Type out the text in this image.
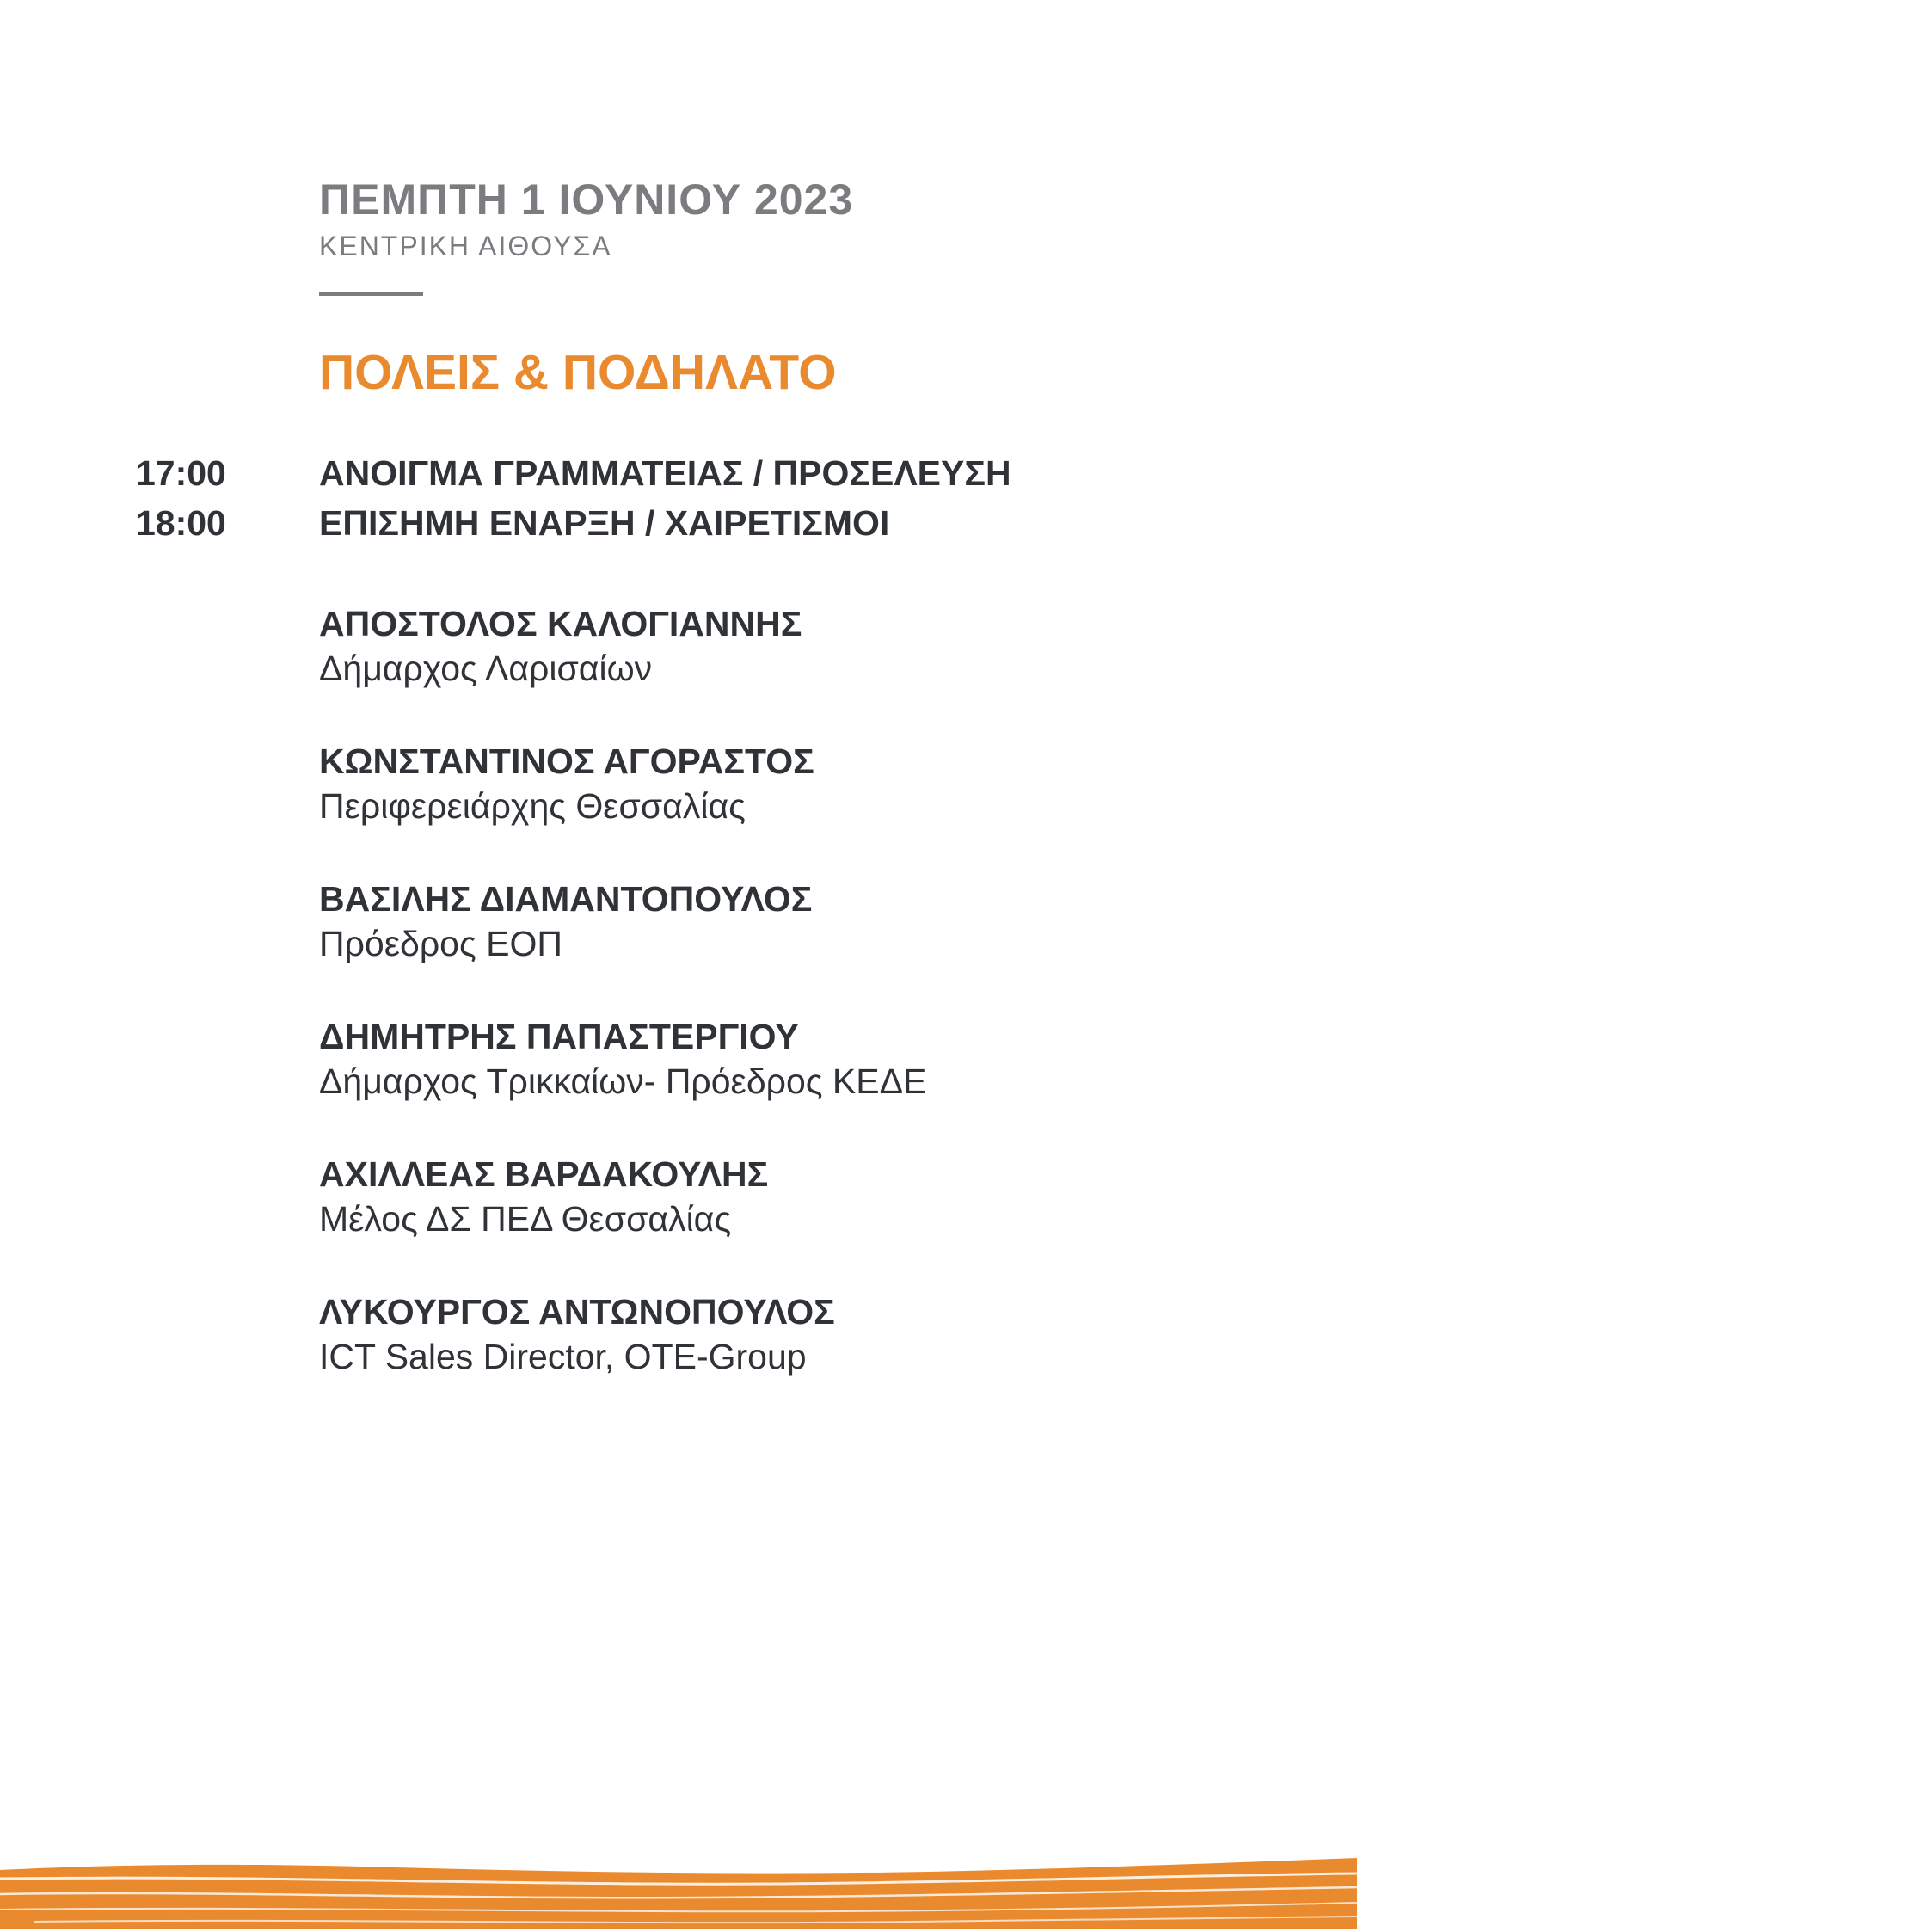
ΠΕΜΠΤΗ 1 ΙΟΥΝΙΟΥ 2023
ΚΕΝΤΡΙΚΗ ΑΙΘΟΥΣΑ
ΠΟΛΕΙΣ & ΠΟΔΗΛΑΤΟ
17:00	ΑΝΟΙΓΜΑ ΓΡΑΜΜΑΤΕΙΑΣ / ΠΡΟΣΕΛΕΥΣΗ
18:00	ΕΠΙΣΗΜΗ ΕΝΑΡΞΗ / ΧΑΙΡΕΤΙΣΜΟΙ
ΑΠΟΣΤΟΛΟΣ ΚΑΛΟΓΙΑΝΝΗΣ
Δήμαρχος Λαρισαίων
ΚΩΝΣΤΑΝΤΙΝΟΣ ΑΓΟΡΑΣΤΟΣ
Περιφερειάρχης Θεσσαλίας
ΒΑΣΙΛΗΣ ΔΙΑΜΑΝΤΟΠΟΥΛΟΣ
Πρόεδρος ΕΟΠ
ΔΗΜΗΤΡΗΣ ΠΑΠΑΣΤΕΡΓΙΟΥ
Δήμαρχος Τρικκαίων- Πρόεδρος ΚΕΔΕ
ΑΧΙΛΛΕΑΣ ΒΑΡΔΑΚΟΥΛΗΣ
Μέλος ΔΣ ΠΕΔ Θεσσαλίας
ΛΥΚΟΥΡΓΟΣ ΑΝΤΩΝΟΠΟΥΛΟΣ
ICT Sales Director, OTE-Group
